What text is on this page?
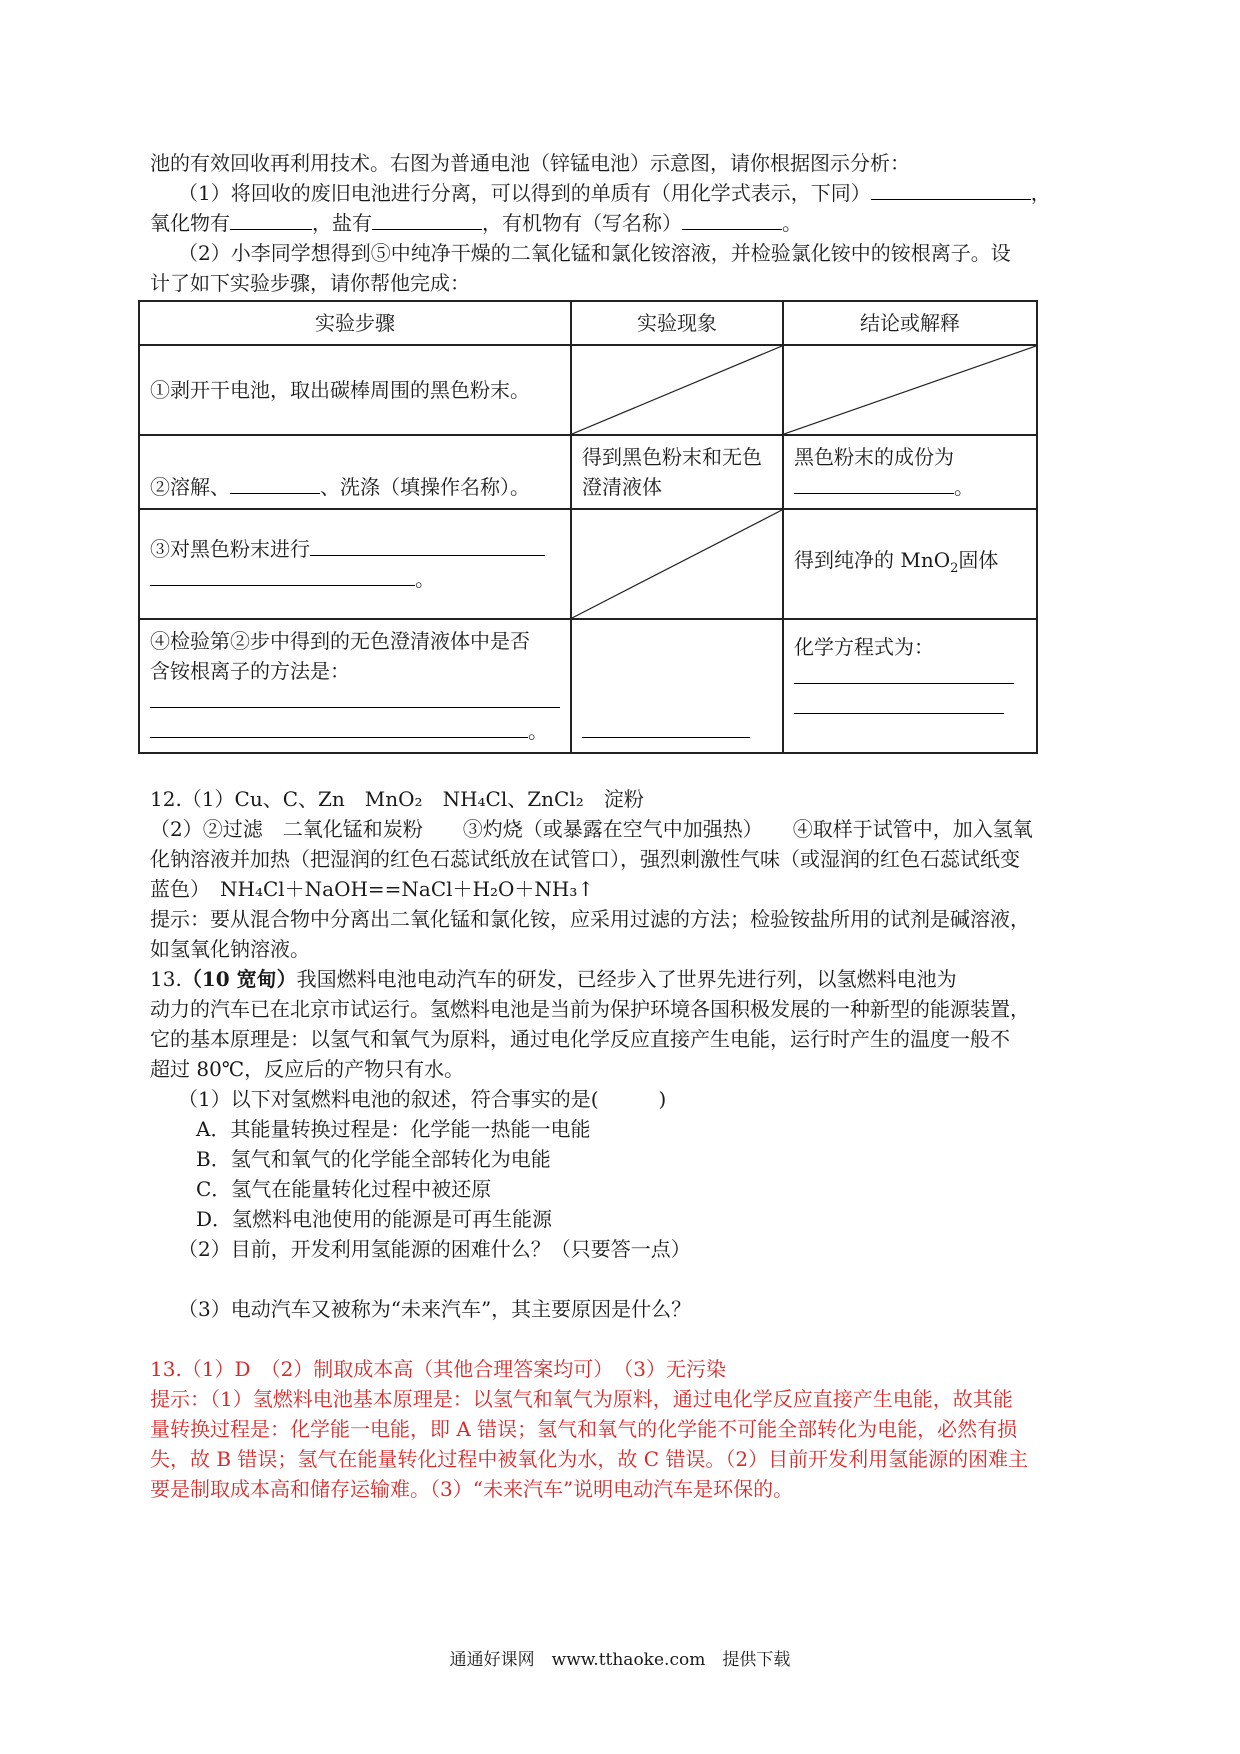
池的有效回收再利用技术。右图为普通电池（锌锰电池）示意图，请你根据图示分析：
（1）将回收的废旧电池进行分离，可以得到的单质有（用化学式表示，下同）	，
氧化物有	，盐有	，有机物有（写名称）	。
（2）小李同学想得到⑤中纯净干燥的二氧化锰和氯化铵溶液，并检验氯化铵中的铵根离子。设
计了如下实验步骤，请你帮他完成：
实验步骤	实验现象	结论或解释
①剥开干电池，取出碳棒周围的黑色粉末。	

②溶解、 、洗涤（填操作名称）。	得到黑色粉末和无色澄清液体	黑色粉末的成份为
。

③对黑色粉末进行
。		得到纯净的 MnO$_2$固体

④检验第②步中得到的无色澄清液体中是否
含铵根离子的方法是：
。		化学方程式为：
12.（1）Cu、C、Zn　MnO₂　NH₄Cl、ZnCl₂　淀粉
（2）②过滤　二氧化锰和炭粉　　③灼烧（或暴露在空气中加强热）　　④取样于试管中，加入氢氧
化钠溶液并加热（把湿润的红色石蕊试纸放在试管口），强烈刺激性气味（或湿润的红色石蕊试纸变
蓝色）　NH₄Cl＋NaOH==NaCl＋H₂O＋NH₃↑
提示：要从混合物中分离出二氧化锰和氯化铵，应采用过滤的方法；检验铵盐所用的试剂是碱溶液，
如氢氧化钠溶液。
13.（10 宽甸）我国燃料电池电动汽车的研发，已经步入了世界先进行列，以氢燃料电池为
动力的汽车已在北京市试运行。氢燃料电池是当前为保护环境各国积极发展的一种新型的能源装置，
它的基本原理是：以氢气和氧气为原料，通过电化学反应直接产生电能，运行时产生的温度一般不
超过 80℃，反应后的产物只有水。
（1）以下对氢燃料电池的叙述，符合事实的是(　　　)
A．其能量转换过程是：化学能一热能一电能
B．氢气和氧气的化学能全部转化为电能
C．氢气在能量转化过程中被还原
D．氢燃料电池使用的能源是可再生能源
（2）目前，开发利用氢能源的困难什么？（只要答一点）
（3）电动汽车又被称为“未来汽车”，其主要原因是什么？
13.（1）D　（2）制取成本高（其他合理答案均可）　（3）无污染
提示：（1）氢燃料电池基本原理是：以氢气和氧气为原料，通过电化学反应直接产生电能，故其能
量转换过程是：化学能一电能，即 A 错误；氢气和氧气的化学能不可能全部转化为电能，必然有损
失，故 B 错误；氢气在能量转化过程中被氧化为水，故 C 错误。（2）目前开发利用氢能源的困难主
要是制取成本高和储存运输难。（3）“未来汽车”说明电动汽车是环保的。
通通好课网　www.tthaoke.com　提供下载
